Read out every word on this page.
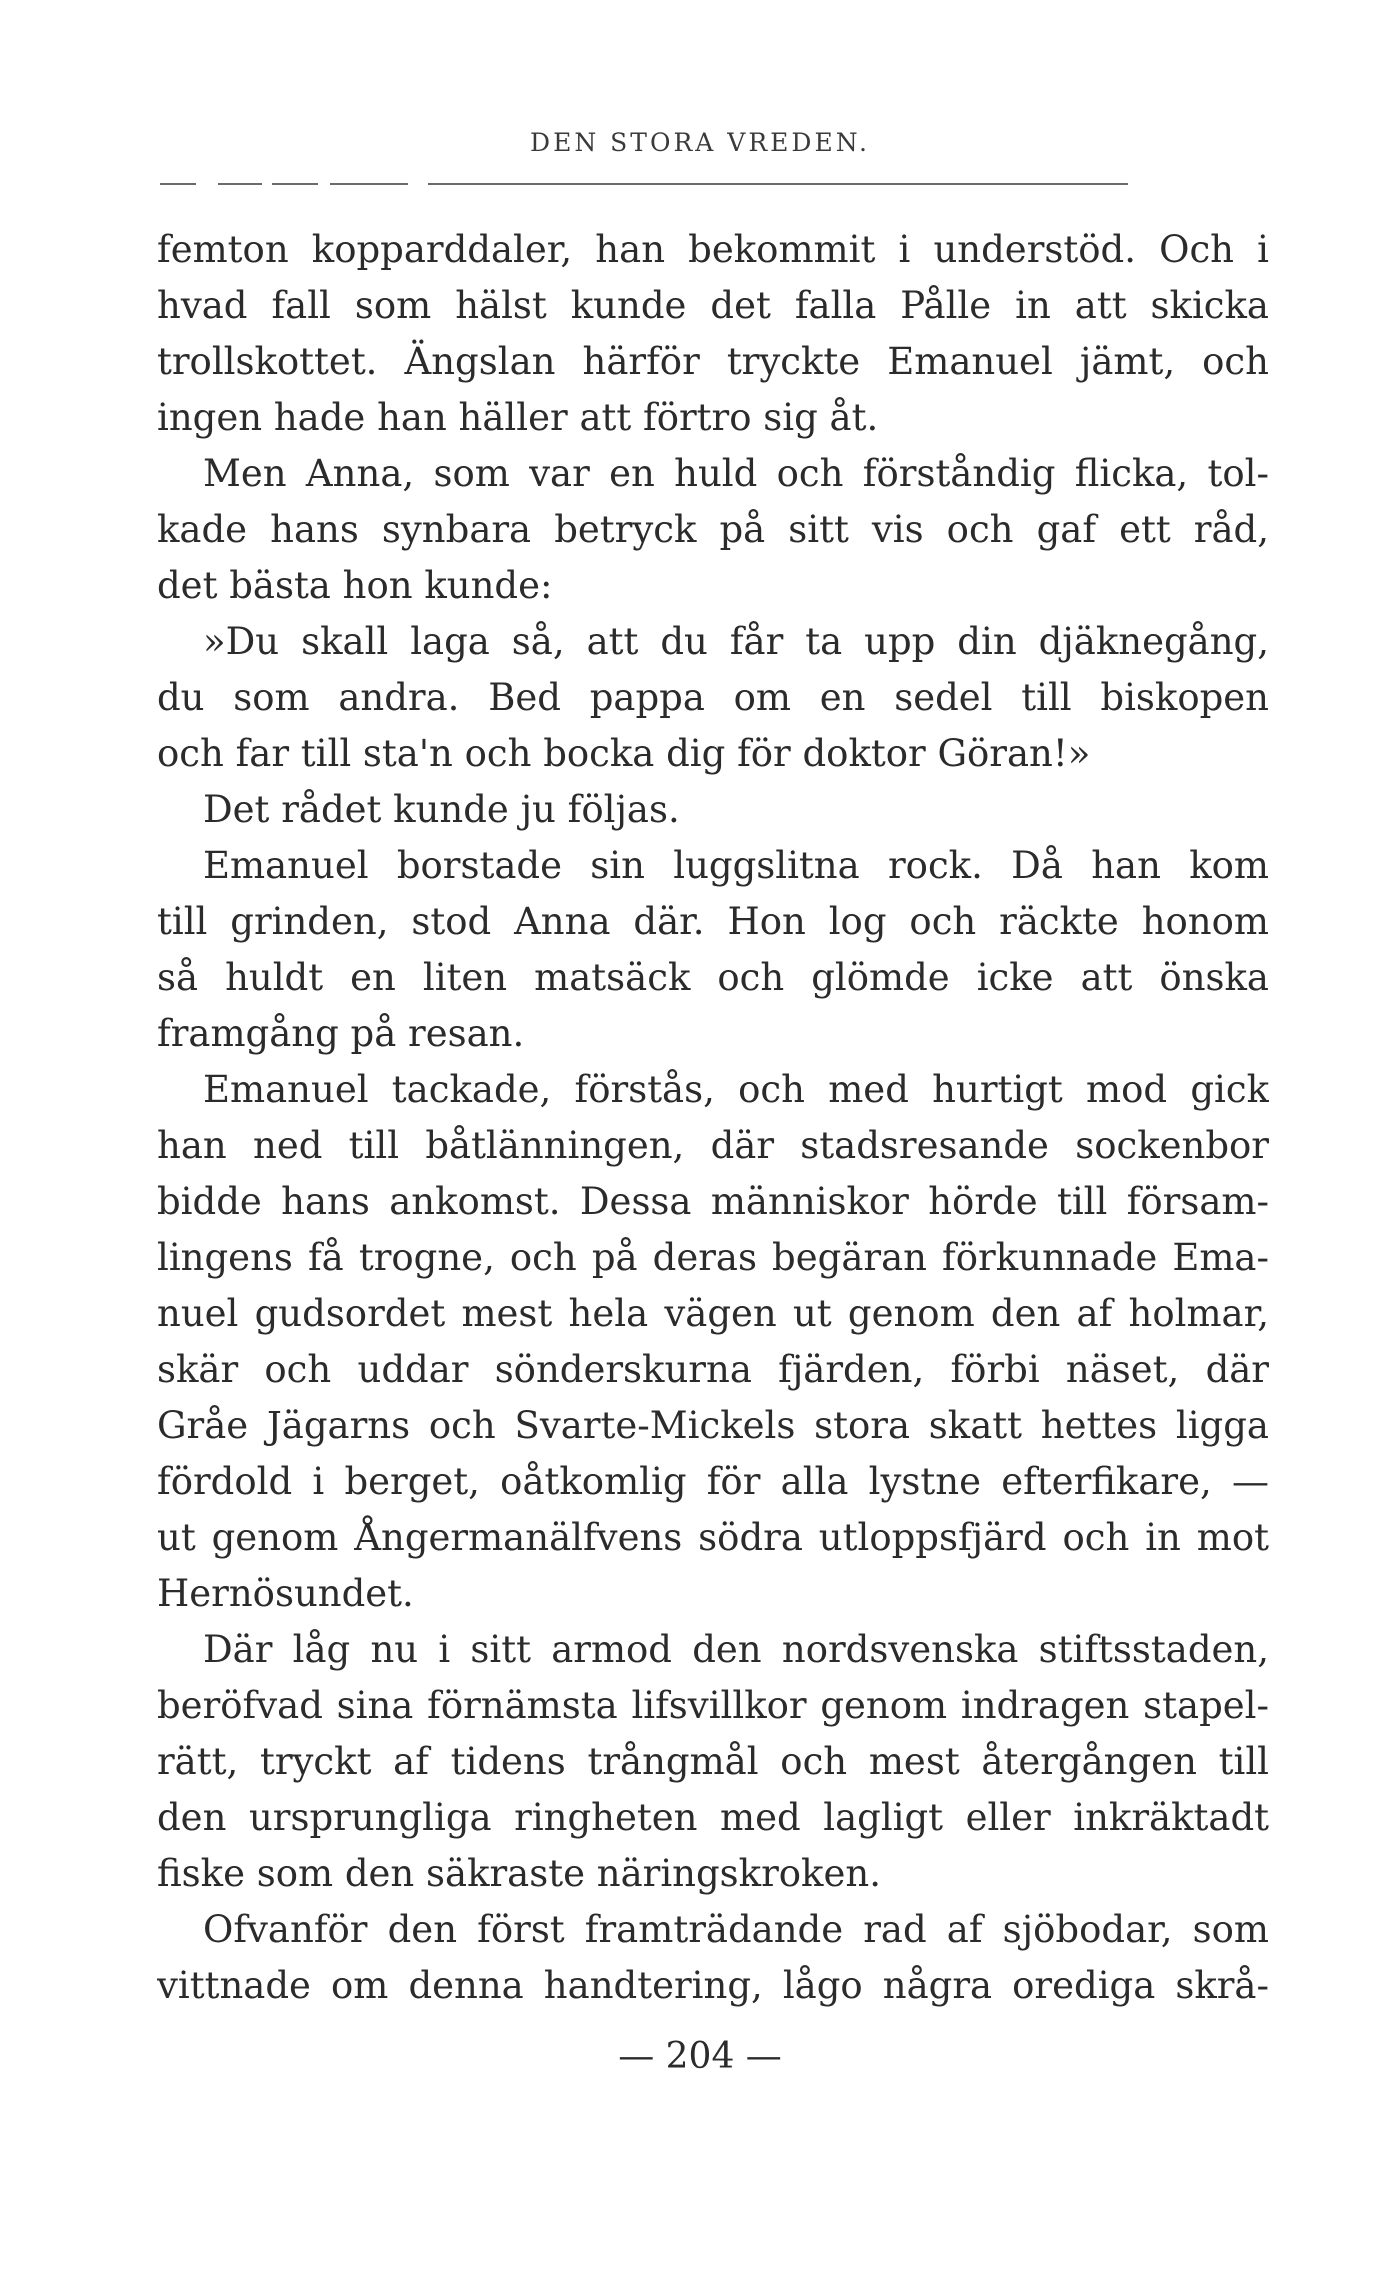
DEN STORA VREDEN.
femton kopparddaler, han bekommit i understöd. Och i
hvad fall som hälst kunde det falla Pålle in att skicka
trollskottet. Ängslan härför tryckte Emanuel jämt, och
ingen hade han häller att förtro sig åt.
Men Anna, som var en huld och förståndig flicka, tol-
kade hans synbara betryck på sitt vis och gaf ett råd,
det bästa hon kunde:
»Du skall laga så, att du får ta upp din djäknegång,
du som andra. Bed pappa om en sedel till biskopen
och far till sta'n och bocka dig för doktor Göran!»
Det rådet kunde ju följas.
Emanuel borstade sin luggslitna rock. Då han kom
till grinden, stod Anna där. Hon log och räckte honom
så huldt en liten matsäck och glömde icke att önska
framgång på resan.
Emanuel tackade, förstås, och med hurtigt mod gick
han ned till båtlänningen, där stadsresande sockenbor
bidde hans ankomst. Dessa människor hörde till försam-
lingens få trogne, och på deras begäran förkunnade Ema-
nuel gudsordet mest hela vägen ut genom den af holmar,
skär och uddar sönderskurna fjärden, förbi näset, där
Gråe Jägarns och Svarte-Mickels stora skatt hettes ligga
fördold i berget, oåtkomlig för alla lystne efterfikare, —
ut genom Ångermanälfvens södra utloppsfjärd och in mot
Hernösundet.
Där låg nu i sitt armod den nordsvenska stiftsstaden,
beröfvad sina förnämsta lifsvillkor genom indragen stapel-
rätt, tryckt af tidens trångmål och mest återgången till
den ursprungliga ringheten med lagligt eller inkräktadt
fiske som den säkraste näringskroken.
Ofvanför den först framträdande rad af sjöbodar, som
vittnade om denna handtering, lågo några orediga skrå-
— 204 —
